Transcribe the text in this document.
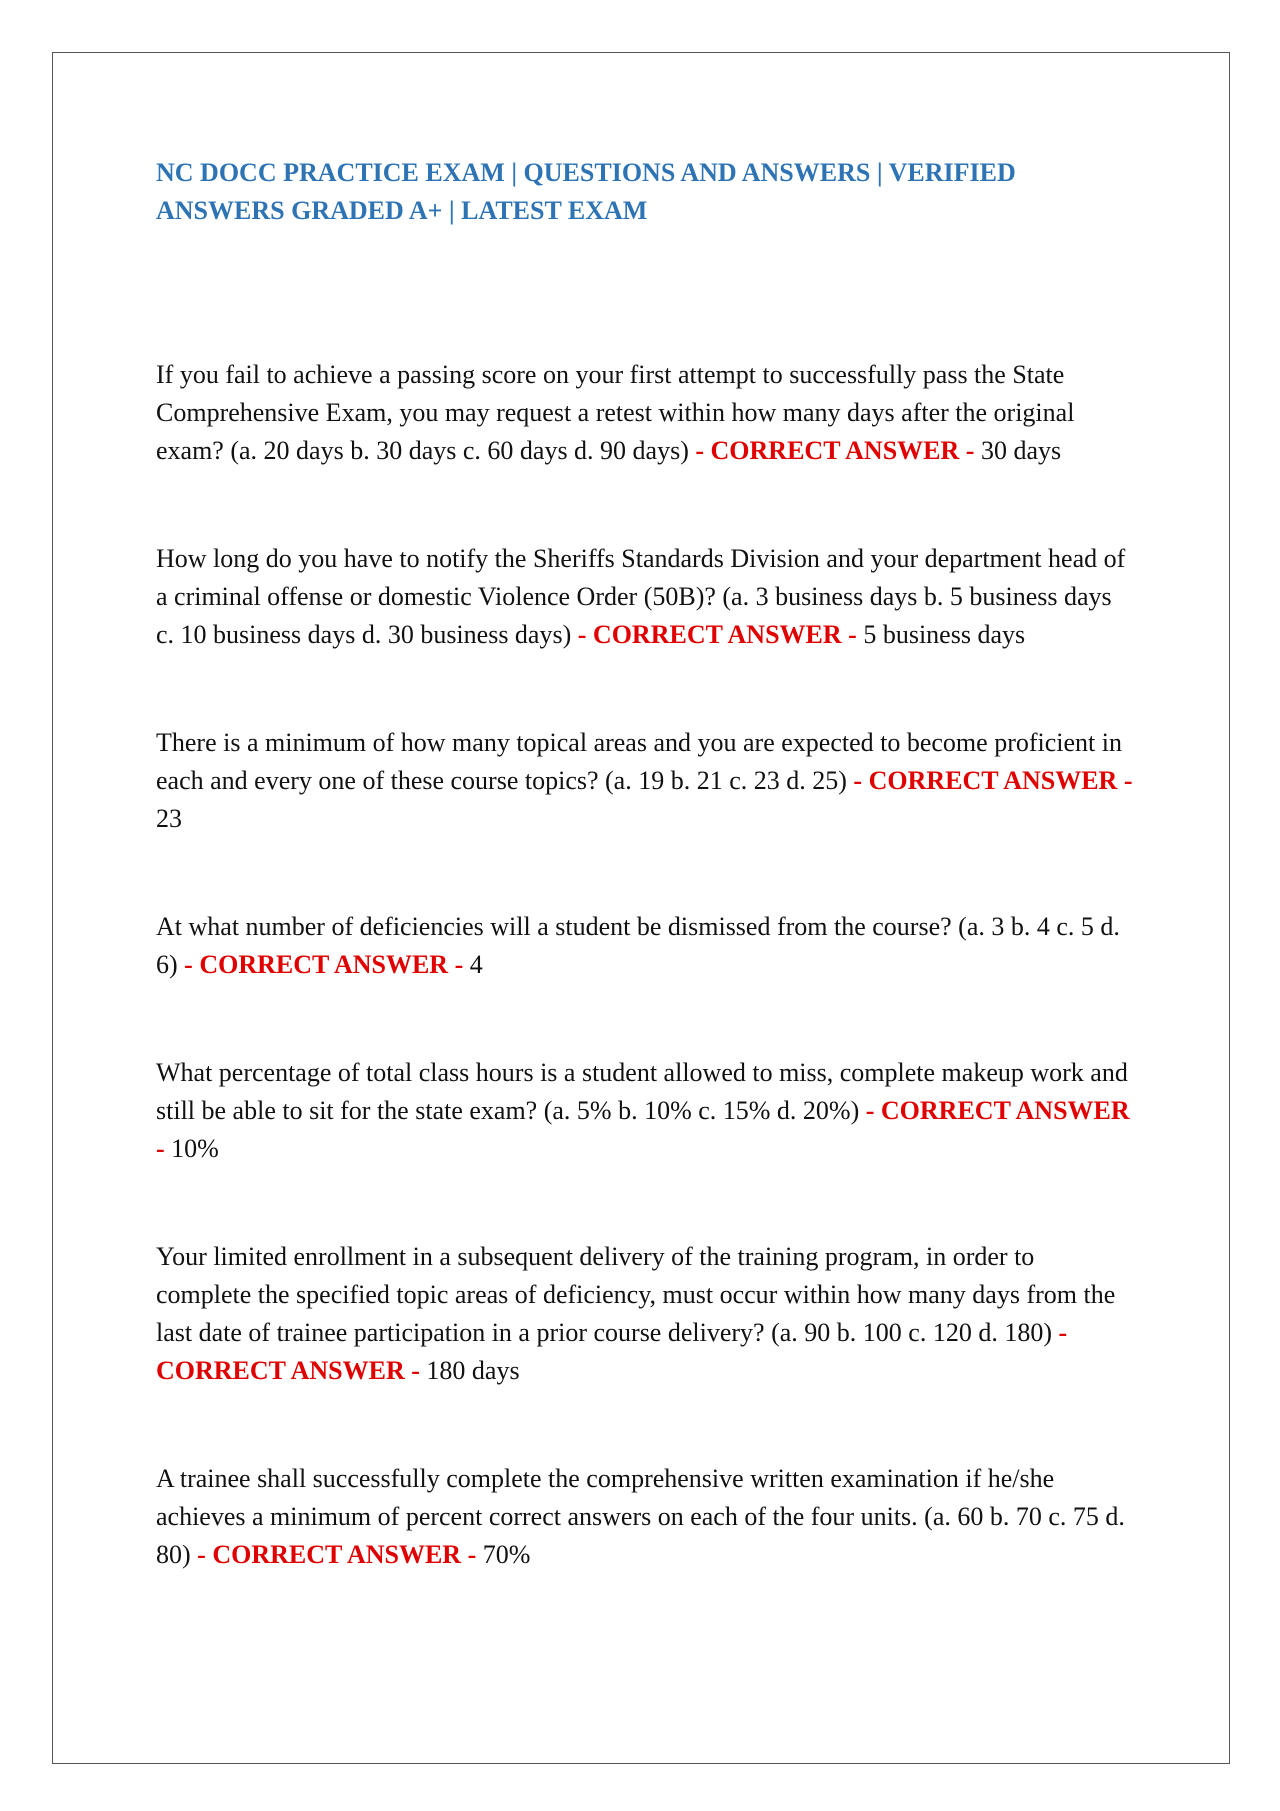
NC DOCC PRACTICE EXAM | QUESTIONS AND ANSWERS | VERIFIED ANSWERS GRADED A+ | LATEST EXAM

If you fail to achieve a passing score on your first attempt to successfully pass the State Comprehensive Exam, you may request a retest within how many days after the original exam? (a. 20 days b. 30 days c. 60 days d. 90 days) - CORRECT ANSWER - 30 days

How long do you have to notify the Sheriffs Standards Division and your department head of a criminal offense or domestic Violence Order (50B)? (a. 3 business days b. 5 business days c. 10 business days d. 30 business days) - CORRECT ANSWER - 5 business days

There is a minimum of how many topical areas and you are expected to become proficient in each and every one of these course topics? (a. 19 b. 21 c. 23 d. 25) - CORRECT ANSWER - 23

At what number of deficiencies will a student be dismissed from the course? (a. 3 b. 4 c. 5 d. 6) - CORRECT ANSWER - 4

What percentage of total class hours is a student allowed to miss, complete makeup work and still be able to sit for the state exam? (a. 5% b. 10% c. 15% d. 20%) - CORRECT ANSWER - 10%

Your limited enrollment in a subsequent delivery of the training program, in order to complete the specified topic areas of deficiency, must occur within how many days from the last date of trainee participation in a prior course delivery? (a. 90 b. 100 c. 120 d. 180) - CORRECT ANSWER - 180 days

A trainee shall successfully complete the comprehensive written examination if he/she achieves a minimum of percent correct answers on each of the four units. (a. 60 b. 70 c. 75 d. 80) - CORRECT ANSWER - 70%
